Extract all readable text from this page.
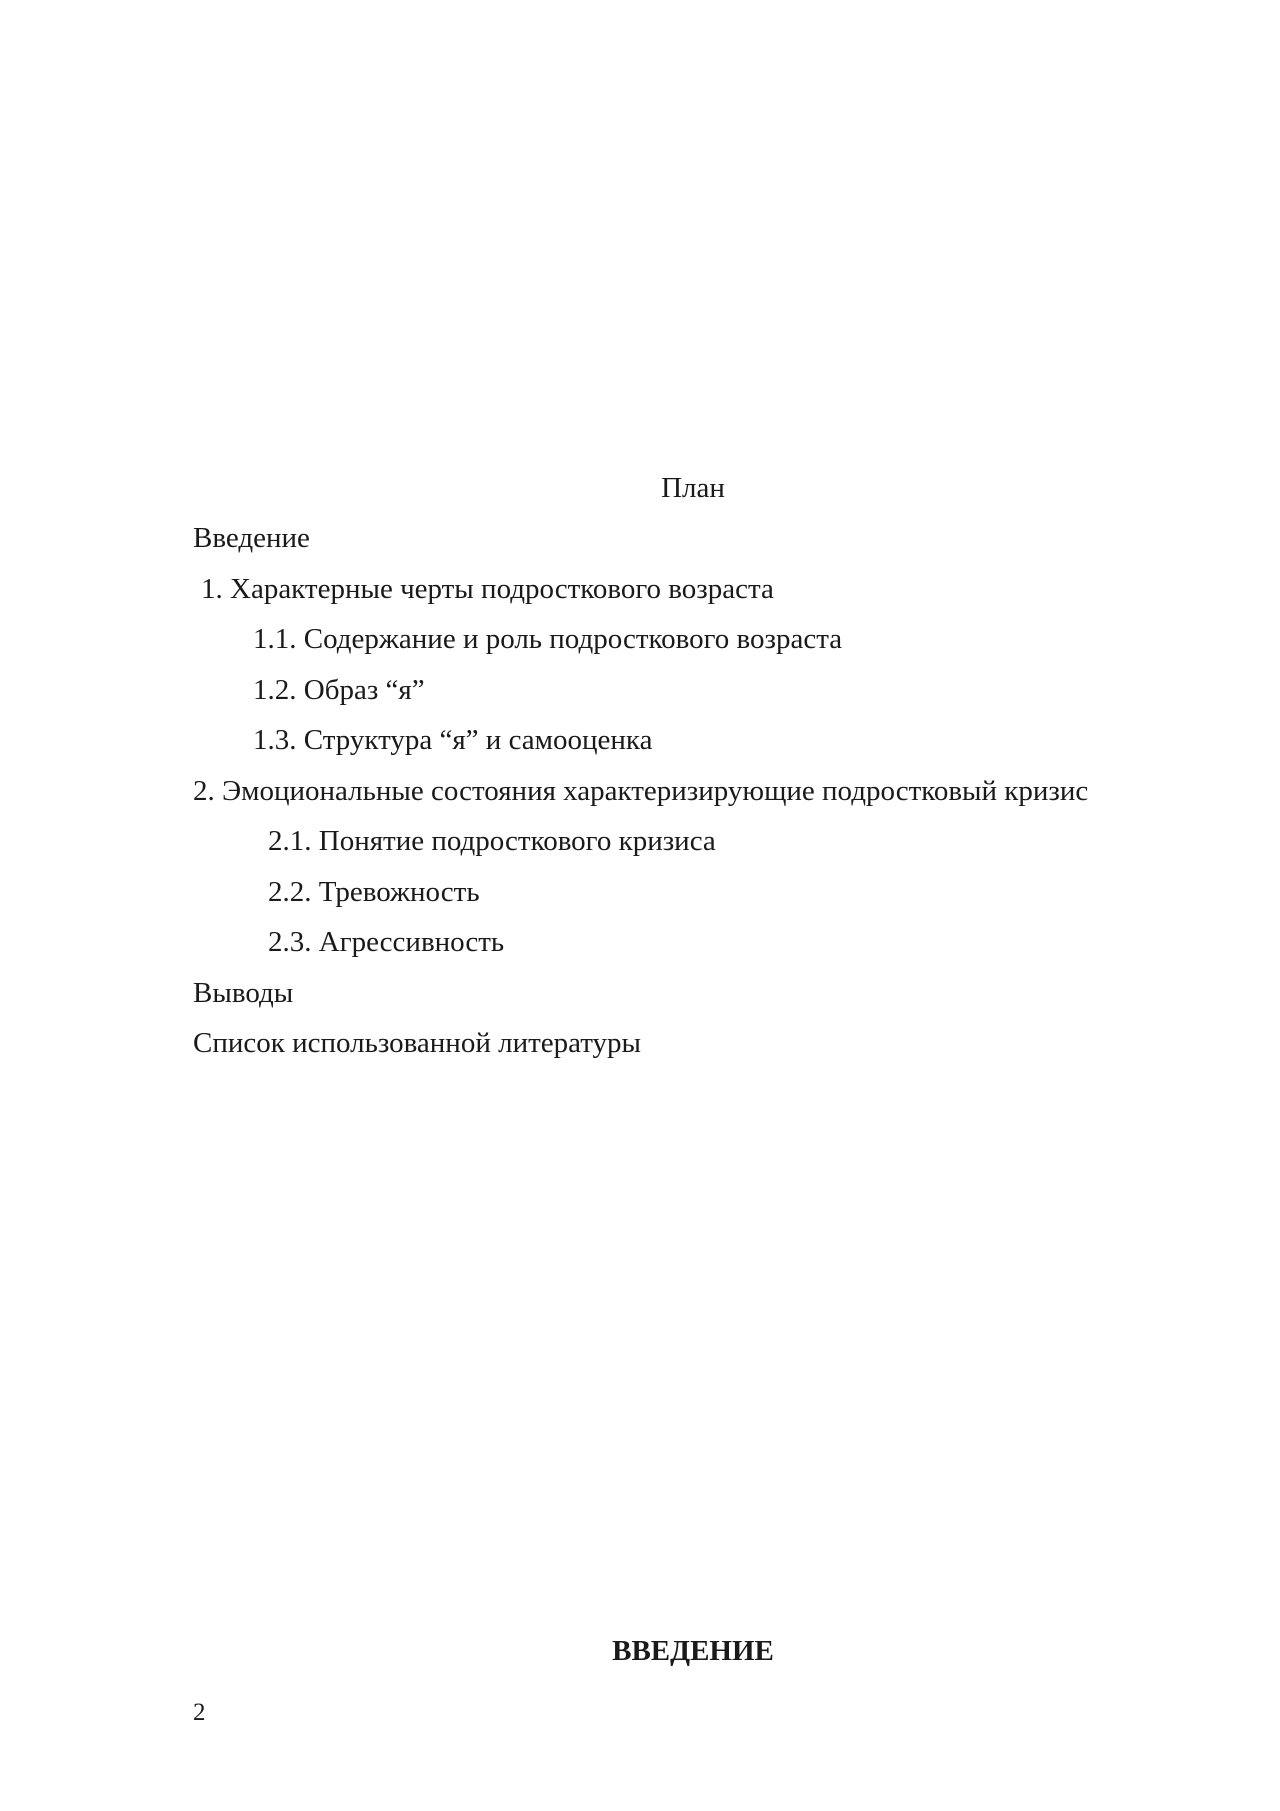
План
Введение
1. Характерные черты подросткового возраста
1.1. Содержание и роль подросткового возраста
1.2. Образ “я”
1.3. Структура “я” и самооценка
2. Эмоциональные состояния характеризирующие подростковый кризис
2.1. Понятие подросткового кризиса
2.2. Тревожность
2.3. Агрессивность
Выводы
Список использованной литературы
ВВЕДЕНИЕ
2
